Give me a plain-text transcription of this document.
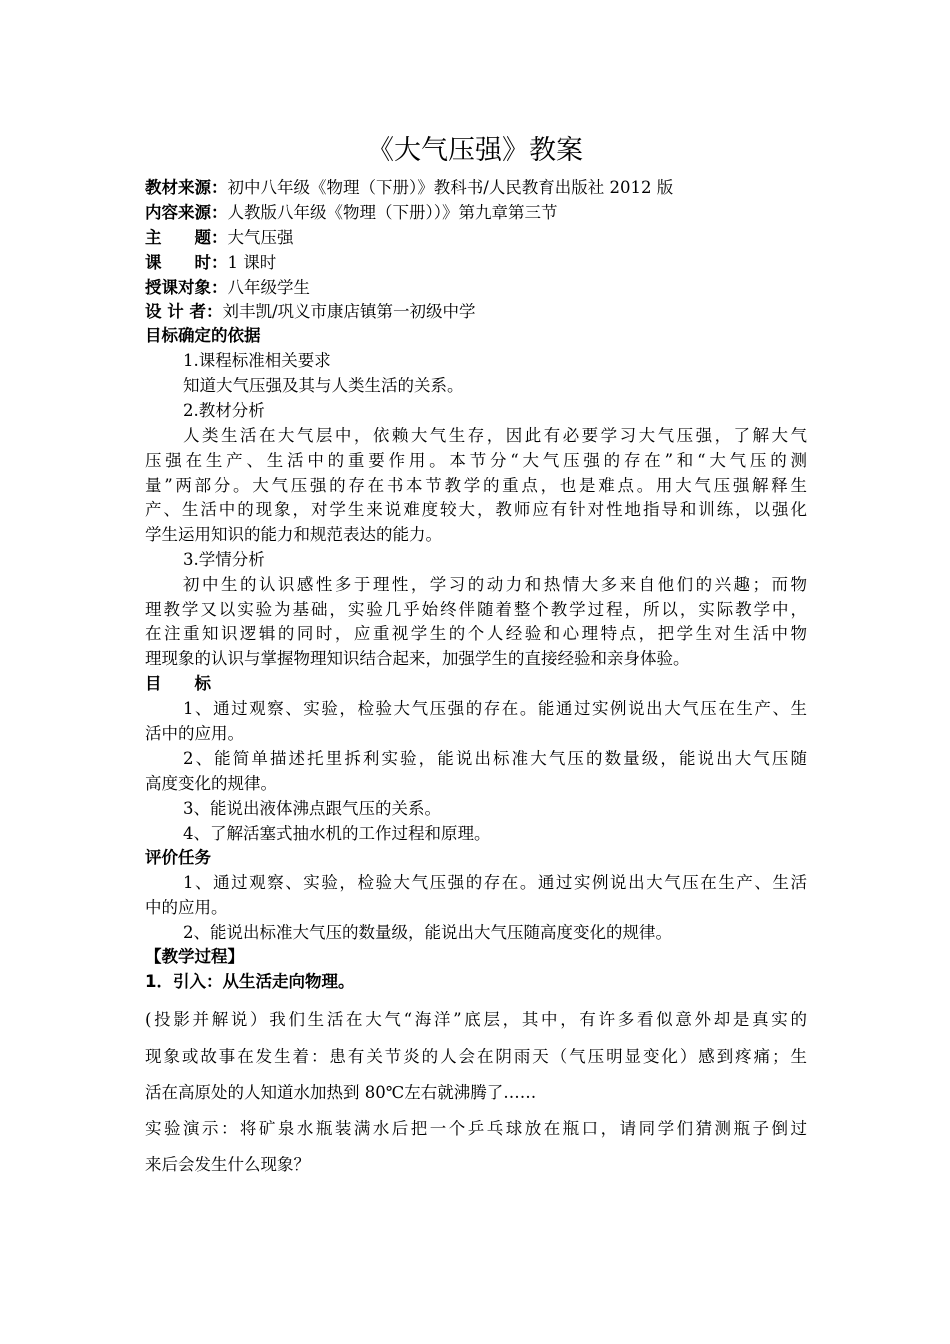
《大气压强》教案
教材来源：初中八年级《物理（下册）》教科书/人民教育出版社 2012 版
内容来源：人教版八年级《物理（下册））》第九章第三节
主　　题：大气压强
课　　时：1 课时
授课对象：八年级学生
设 计 者：刘丰凯/巩义市康店镇第一初级中学
目标确定的依据
1.课程标准相关要求
知道大气压强及其与人类生活的关系。
2.教材分析
人类生活在大气层中，依赖大气生存，因此有必要学习大气压强，了解大气
压强在生产、生活中的重要作用。本节分“大气压强的存在”和“大气压的测
量”两部分。大气压强的存在书本节教学的重点，也是难点。用大气压强解释生
产、生活中的现象，对学生来说难度较大，教师应有针对性地指导和训练，以强化
学生运用知识的能力和规范表达的能力。
3.学情分析
初中生的认识感性多于理性，学习的动力和热情大多来自他们的兴趣；而物
理教学又以实验为基础，实验几乎始终伴随着整个教学过程，所以，实际教学中，
在注重知识逻辑的同时，应重视学生的个人经验和心理特点，把学生对生活中物
理现象的认识与掌握物理知识结合起来，加强学生的直接经验和亲身体验。
目　　标
1、通过观察、实验，检验大气压强的存在。能通过实例说出大气压在生产、生
活中的应用。
2、能简单描述托里拆利实验，能说出标准大气压的数量级，能说出大气压随
高度变化的规律。
3、能说出液体沸点跟气压的关系。
4、了解活塞式抽水机的工作过程和原理。
评价任务
1、通过观察、实验，检验大气压强的存在。通过实例说出大气压在生产、生活
中的应用。
2、能说出标准大气压的数量级，能说出大气压随高度变化的规律。
【教学过程】
1．引入：从生活走向物理。
(投影并解说）我们生活在大气“海洋”底层，其中，有许多看似意外却是真实的
现象或故事在发生着：患有关节炎的人会在阴雨天（气压明显变化）感到疼痛；生
活在高原处的人知道水加热到 80℃左右就沸腾了……
实验演示：将矿泉水瓶装满水后把一个乒乓球放在瓶口，请同学们猜测瓶子倒过
来后会发生什么现象？
